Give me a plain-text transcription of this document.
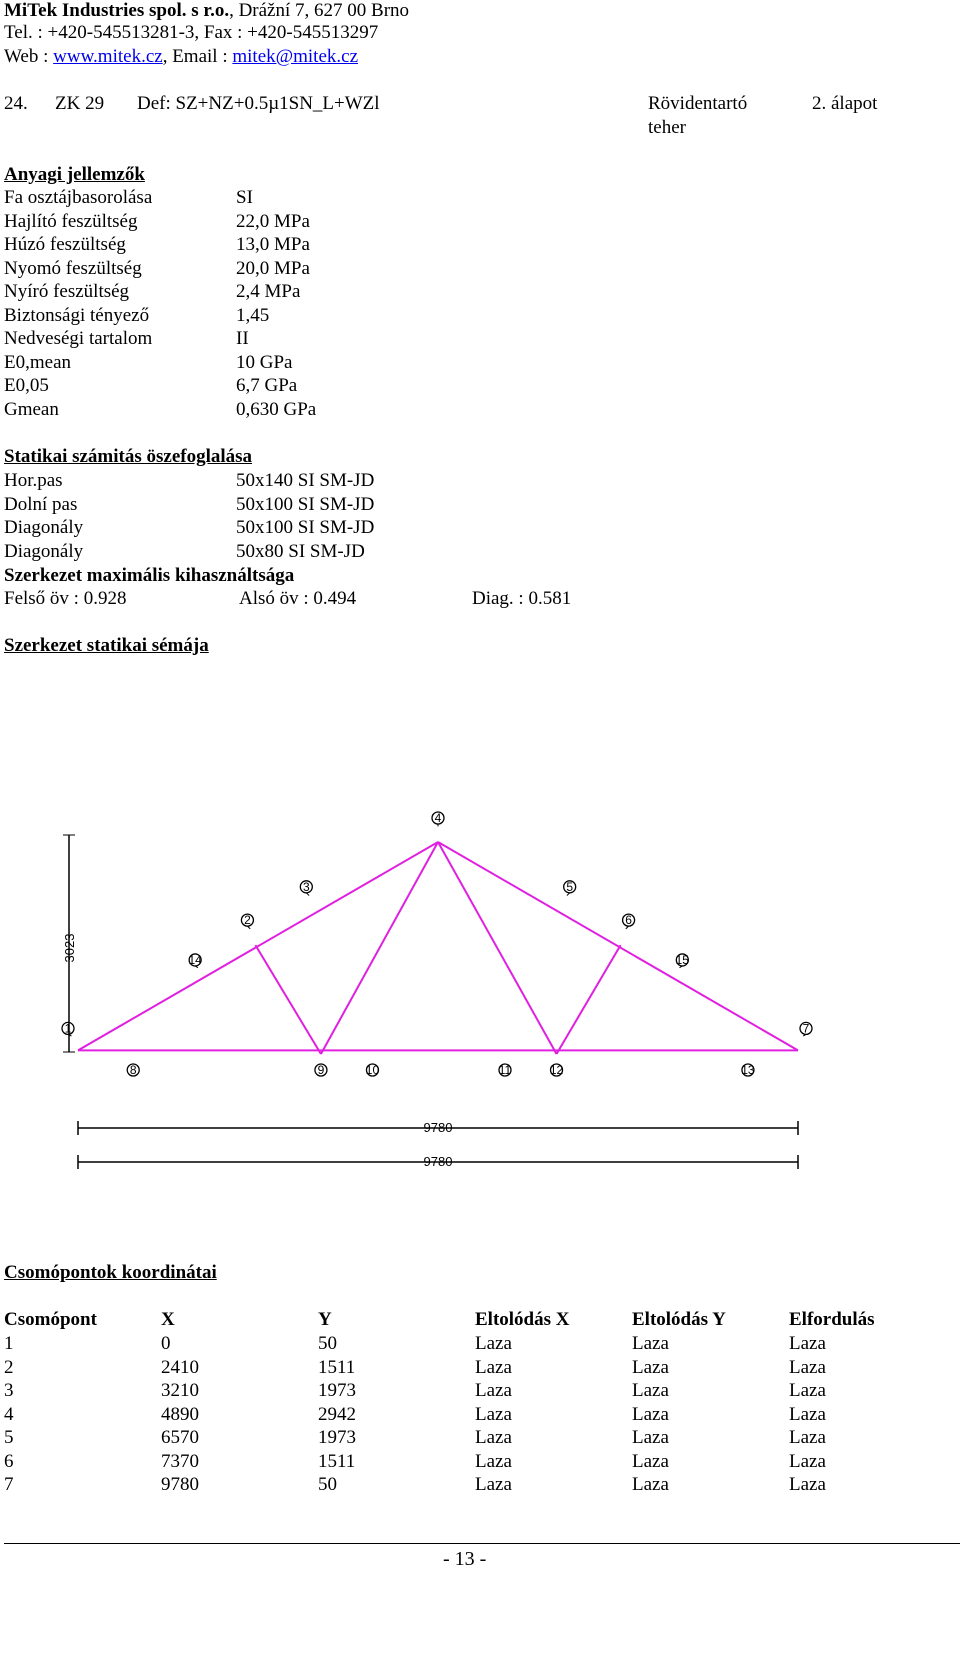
MiTek Industries spol. s r.o., Drážní 7, 627 00 Brno
Tel. : +420-545513281-3, Fax : +420-545513297
Web : www.mitek.cz, Email : mitek@mitek.cz
24. ZK 29 Def: SZ+NZ+0.5µ1SN_L+WZl	Rövidentartó
teher
2. álapot
Anyagi jellemzők
Fa osztájbasorolása	SI
Hajlító feszültség	22,0 MPa
Húzó feszültség	13,0 MPa
Nyomó feszültség	20,0 MPa
Nyíró feszültség	2,4 MPa
Biztonsági tényező	1,45
Nedveségi tartalom	II
E0,mean	10 GPa
E0,05	6,7 GPa
Gmean	0,630 GPa
Statikai számitás öszefoglalása
Hor.pas	50x140 SI SM-JD
Dolní pas	50x100 SI SM-JD
Diagonály	50x100 SI SM-JD
Diagonály	50x80 SI SM-JD
Szerkezet maximális kihasználtsága
Felső öv : 0.928	Alsó öv : 0.494	Diag. : 0.581
Szerkezet statikai sémája
1
2
3
4
5
6
7
8	9	10	11	12	13
14	15
3023
9780
9780
Csomópontok koordinátai
Csomópont	X	Y	Eltolódás X	Eltolódás Y	Elfordulás
1	0	50	Laza	Laza	Laza
2	2410	1511	Laza	Laza	Laza
3	3210	1973	Laza	Laza	Laza
4	4890	2942	Laza	Laza	Laza
5	6570	1973	Laza	Laza	Laza
6	7370	1511	Laza	Laza	Laza
7	9780	50	Laza	Laza	Laza
- 13 -
